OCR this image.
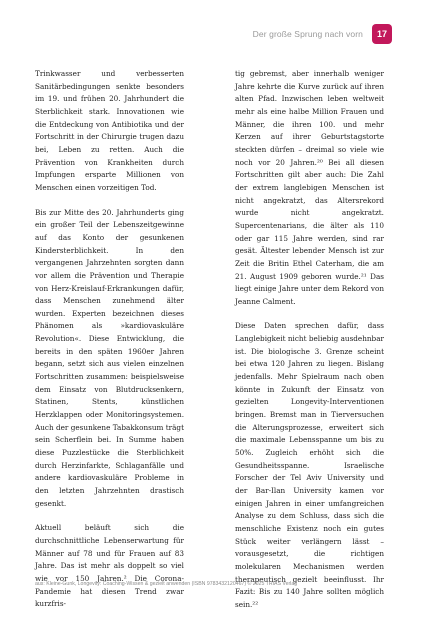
Der große Sprung nach vorn	17

Trinkwasser und verbesserten Sanitärbedingungen senkte besonders im 19. und frühen 20. Jahrhundert die Sterblichkeit stark. Innovationen wie die Entdeckung von Antibiotika und der Fortschritt in der Chirurgie trugen dazu bei, Leben zu retten. Auch die Prävention von Krankheiten durch Impfungen ersparte Millionen von Menschen einen vorzeitigen Tod.

Bis zur Mitte des 20. Jahrhunderts ging ein großer Teil der Lebenszeitgewinne auf das Konto der gesunkenen Kindersterblichkeit. In den vergangenen Jahrzehnten sorgten dann vor allem die Prävention und Therapie von Herz-Kreislauf-Erkrankungen dafür, dass Menschen zunehmend älter wurden. Experten bezeichnen dieses Phänomen als »kardiovaskuläre Revolution«. Diese Entwicklung, die bereits in den späten 1960er Jahren begann, setzt sich aus vielen einzelnen Fortschritten zusammen: beispielsweise dem Einsatz von Blutdrucksenkern, Statinen, Stents, künstlichen Herzklappen oder Monitoringsystemen. Auch der gesunkene Tabakkonsum trägt sein Scherflein bei. In Summe haben diese Puzzlestücke die Sterblichkeit durch Herzinfarkte, Schlaganfälle und andere kardiovaskuläre Probleme in den letzten Jahrzehnten drastisch gesenkt.

Aktuell beläuft sich die durchschnittliche Lebenserwartung für Männer auf 78 und für Frauen auf 83 Jahre. Das ist mehr als doppelt so viel wie vor 150 Jahren.² Die Corona-Pandemie hat diesen Trend zwar kurzfris-

tig gebremst, aber innerhalb weniger Jahre kehrte die Kurve zurück auf ihren alten Pfad. Inzwischen leben weltweit mehr als eine halbe Million Frauen und Männer, die ihren 100. und mehr Kerzen auf ihrer Geburtstagstorte steckten dürfen – dreimal so viele wie noch vor 20 Jahren.²⁰ Bei all diesen Fortschritten gilt aber auch: Die Zahl der extrem langlebigen Menschen ist nicht angekratzt, das Altersrekord wurde nicht angekratzt. Supercentenarians, die älter als 110 oder gar 115 Jahre werden, sind rar gesät. Ältester lebender Mensch ist zur Zeit die Britin Ethel Caterham, die am 21. August 1909 geboren wurde.²¹ Das liegt einige Jahre unter dem Rekord von Jeanne Calment.

Diese Daten sprechen dafür, dass Langlebigkeit nicht beliebig ausdehnbar ist. Die biologische 3. Grenze scheint bei etwa 120 Jahren zu liegen. Bislang jedenfalls. Mehr Spielraum nach oben könnte in Zukunft der Einsatz von gezielten Longevity-Interventionen bringen. Bremst man in Tierversuchen die Alterungsprozesse, erweitert sich die maximale Lebensspanne um bis zu 50%. Zugleich erhöht sich die Gesundheitsspanne. Israelische Forscher der Tel Aviv University und der Bar-Ilan University kamen vor einigen Jahren in einer umfangreichen Analyse zu dem Schluss, dass sich die menschliche Existenz noch ein gutes Stück weiter verlängern lässt – vorausgesetzt, die richtigen molekularen Mechanismen werden therapeutisch gezielt beeinflusst. Ihr Fazit: Bis zu 140 Jahre sollten möglich sein.²²

aus: Kleine-Gunk, Longevity: Coaching-Wissen & gezielt anwenden (ISBN 9783432120467) © 2025 TRIAS Verlag
